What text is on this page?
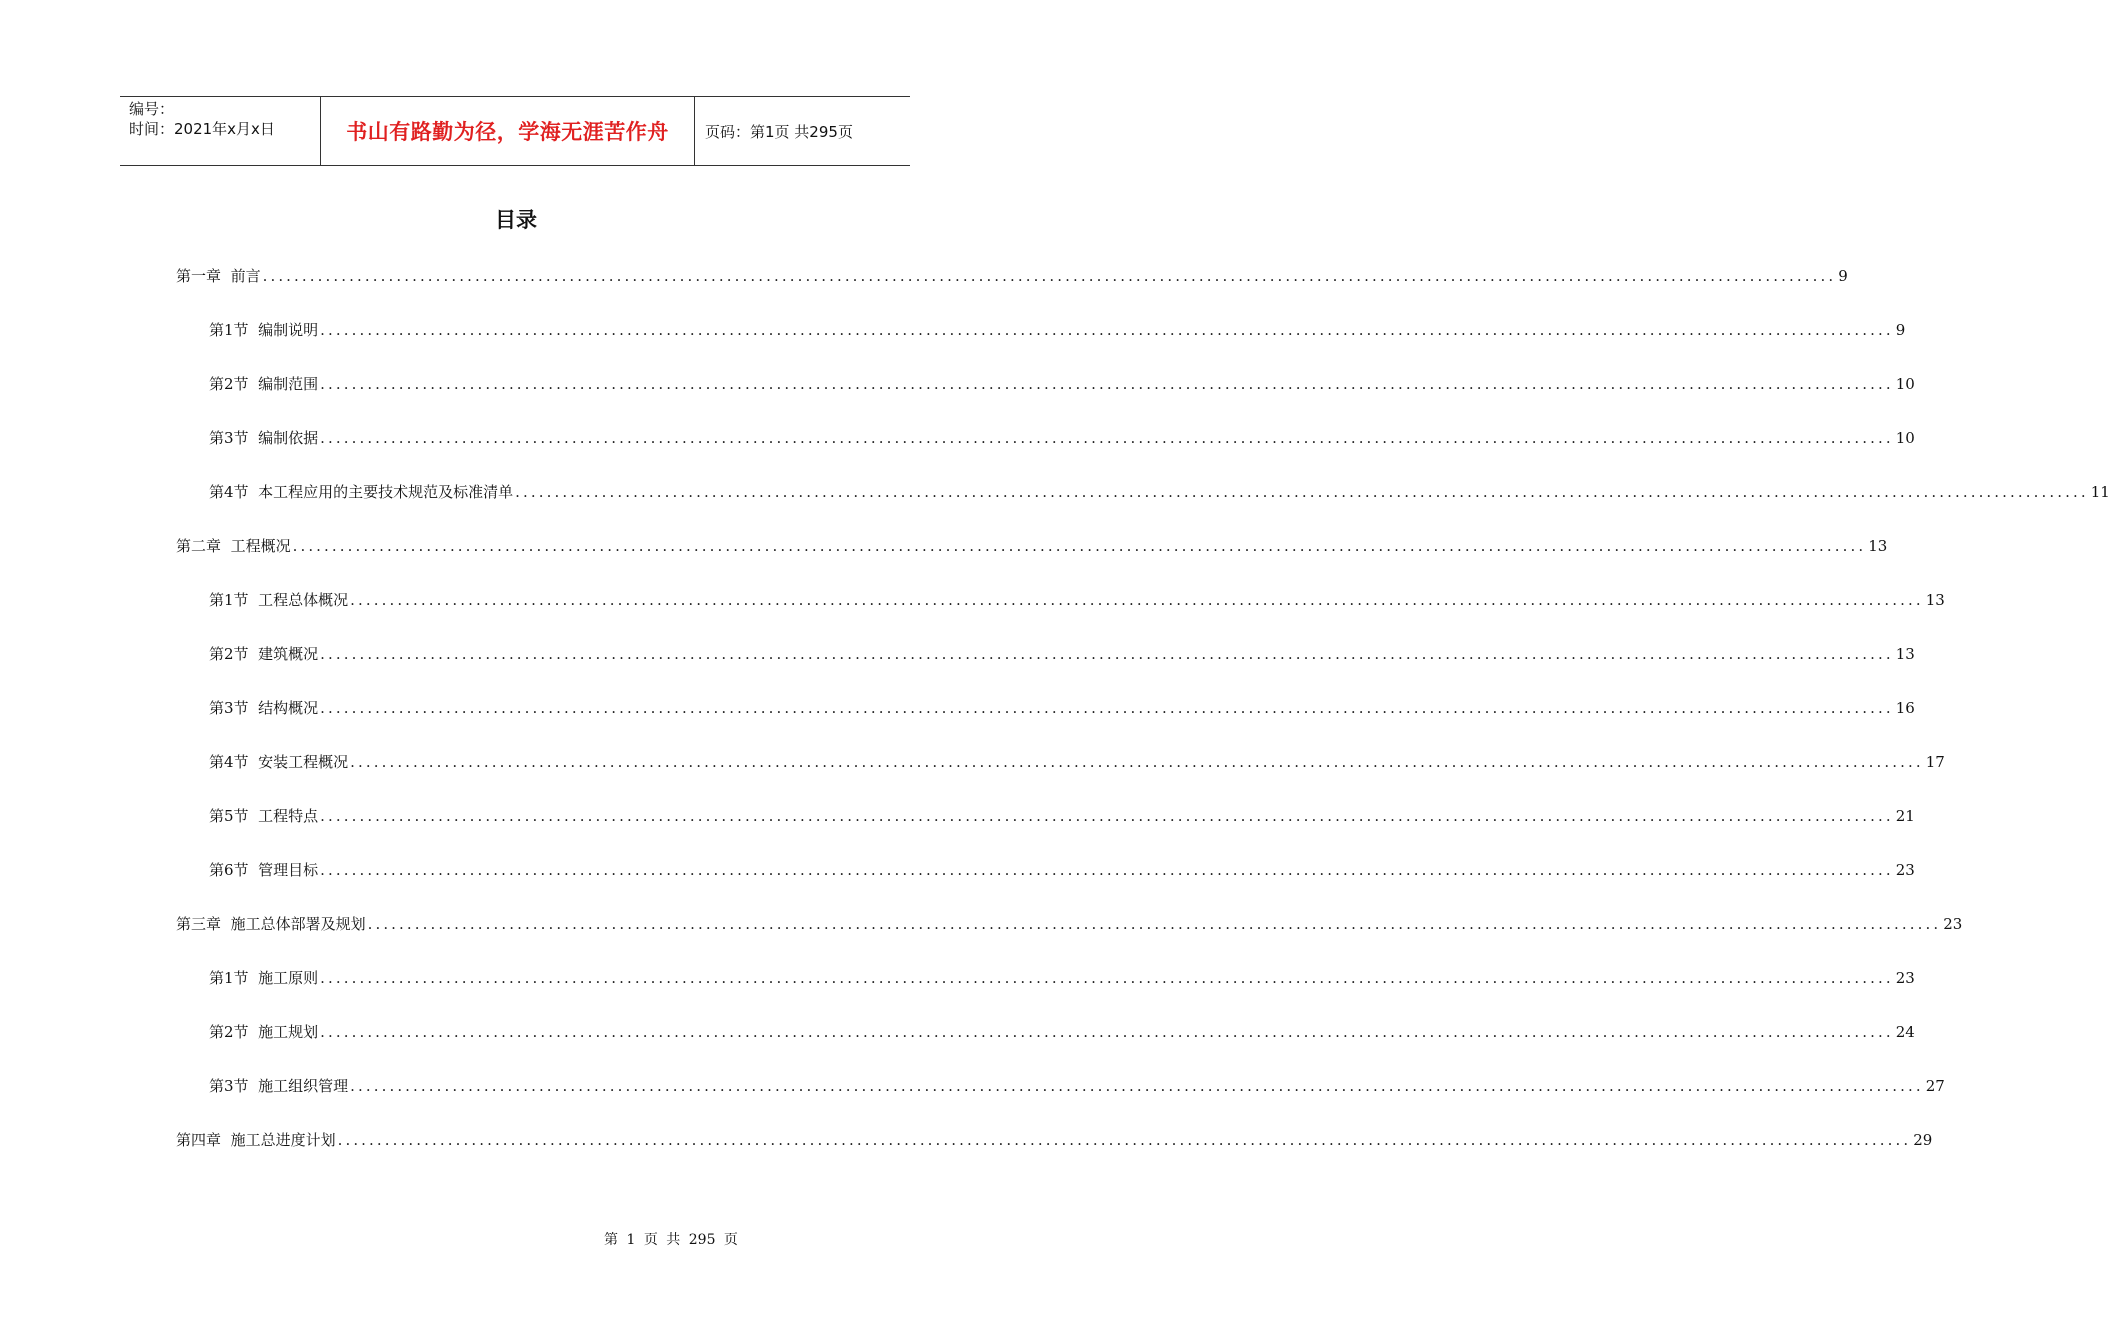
编号：
时间：2021年x月x日	书山有路勤为径，学海无涯苦作舟	页码：第1页 共295页
目录
第一章
前言 ........................................................................................................................................................................................................ 9
第1节
编制说明 ........................................................................................................................................................................................................ 9
第2节
编制范围 ........................................................................................................................................................................................................ 10
第3节
编制依据 ........................................................................................................................................................................................................ 10
第4节
本工程应用的主要技术规范及标准清单 ........................................................................................................................................................................................................ 11
第二章
工程概况 ........................................................................................................................................................................................................ 13
第1节
工程总体概况 ........................................................................................................................................................................................................ 13
第2节
建筑概况 ........................................................................................................................................................................................................ 13
第3节
结构概况 ........................................................................................................................................................................................................ 16
第4节
安装工程概况 ........................................................................................................................................................................................................ 17
第5节
工程特点 ........................................................................................................................................................................................................ 21
第6节
管理目标 ........................................................................................................................................................................................................ 23
第三章
施工总体部署及规划 ........................................................................................................................................................................................................ 23
第1节
施工原则 ........................................................................................................................................................................................................ 23
第2节
施工规划 ........................................................................................................................................................................................................ 24
第3节
施工组织管理 ........................................................................................................................................................................................................ 27
第四章
施工总进度计划 ........................................................................................................................................................................................................ 29
第 1 页 共 295 页
